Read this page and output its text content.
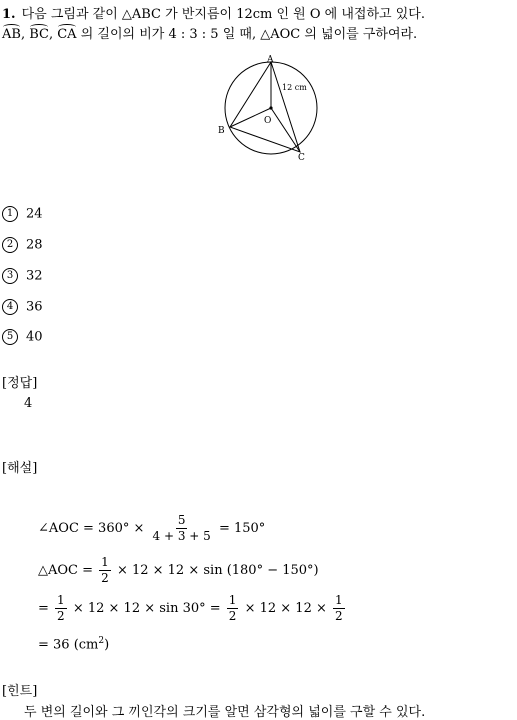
1. 다음 그림과 같이 △ABC 가 반지름이 12cm 인 원 O 에 내접하고 있다.
AB, BC, CA 의 길이의 비가 4 : 3 : 5 일 때, △AOC 의 넓이를 구하여라.
A
B
C
O
12 cm
1 24
2 28
3 32
4 36
5 40
[정답]
4
[해설]
∠AOC = $360^\circ \times \frac{5}{4 + 3 + 5} = 150^\circ$
△AOC = $\frac{1}{2} \times 12 \times 12 \times \sin (180^\circ - 150^\circ)$
= $\frac{1}{2} \times 12 \times 12 \times \sin 30^\circ = \frac{1}{2} \times 12 \times 12 \times \frac{1}{2}$
= 36 $(cm^2)$
[힌트]
두 변의 길이와 그 끼인각의 크기를 알면 삼각형의 넓이를 구할 수 있다.
